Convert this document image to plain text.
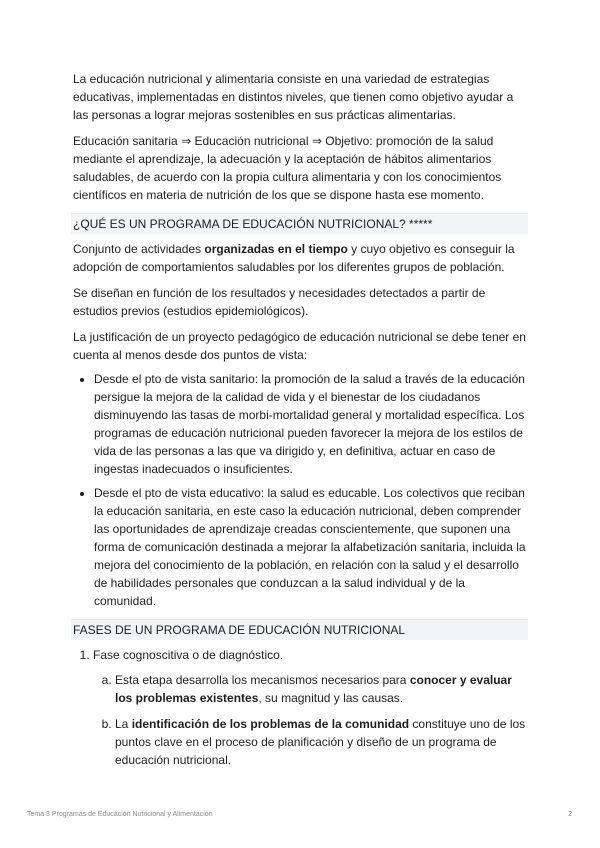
La educación nutricional y alimentaria consiste en una variedad de estrategias educativas, implementadas en distintos niveles, que tienen como objetivo ayudar a las personas a lograr mejoras sostenibles en sus prácticas alimentarias.

Educación sanitaria ⇒ Educación nutricional ⇒ Objetivo: promoción de la salud mediante el aprendizaje, la adecuación y la aceptación de hábitos alimentarios saludables, de acuerdo con la propia cultura alimentaria y con los conocimientos científicos en materia de nutrición de los que se dispone hasta ese momento.

¿QUÉ ES UN PROGRAMA DE EDUCACIÓN NUTRICIONAL? *****

Conjunto de actividades organizadas en el tiempo y cuyo objetivo es conseguir la adopción de comportamientos saludables por los diferentes grupos de población.

Se diseñan en función de los resultados y necesidades detectados a partir de estudios previos (estudios epidemiológicos).

La justificación de un proyecto pedagógico de educación nutricional se debe tener en cuenta al menos desde dos puntos de vista:

• Desde el pto de vista sanitario: la promoción de la salud a través de la educación persigue la mejora de la calidad de vida y el bienestar de los ciudadanos disminuyendo las tasas de morbi-mortalidad general y mortalidad específica. Los programas de educación nutricional pueden favorecer la mejora de los estilos de vida de las personas a las que va dirigido y, en definitiva, actuar en caso de ingestas inadecuados o insuficientes.
• Desde el pto de vista educativo: la salud es educable. Los colectivos que reciban la educación sanitaria, en este caso la educación nutricional, deben comprender las oportunidades de aprendizaje creadas conscientemente, que suponen una forma de comunicación destinada a mejorar la alfabetización sanitaria, incluida la mejora del conocimiento de la población, en relación con la salud y el desarrollo de habilidades personales que conduzcan a la salud individual y de la comunidad.
FASES DE UN PROGRAMA DE EDUCACIÓN NUTRICIONAL
1. Fase cognoscitiva o de diagnóstico.
a. Esta etapa desarrolla los mecanismos necesarios para conocer y evaluar los problemas existentes, su magnitud y las causas.
b. La identificación de los problemas de la comunidad constituye uno de los puntos clave en el proceso de planificación y diseño de un programa de educación nutricional.
Tema 3 Programas de Educación Nutricional y Alimentación	2
